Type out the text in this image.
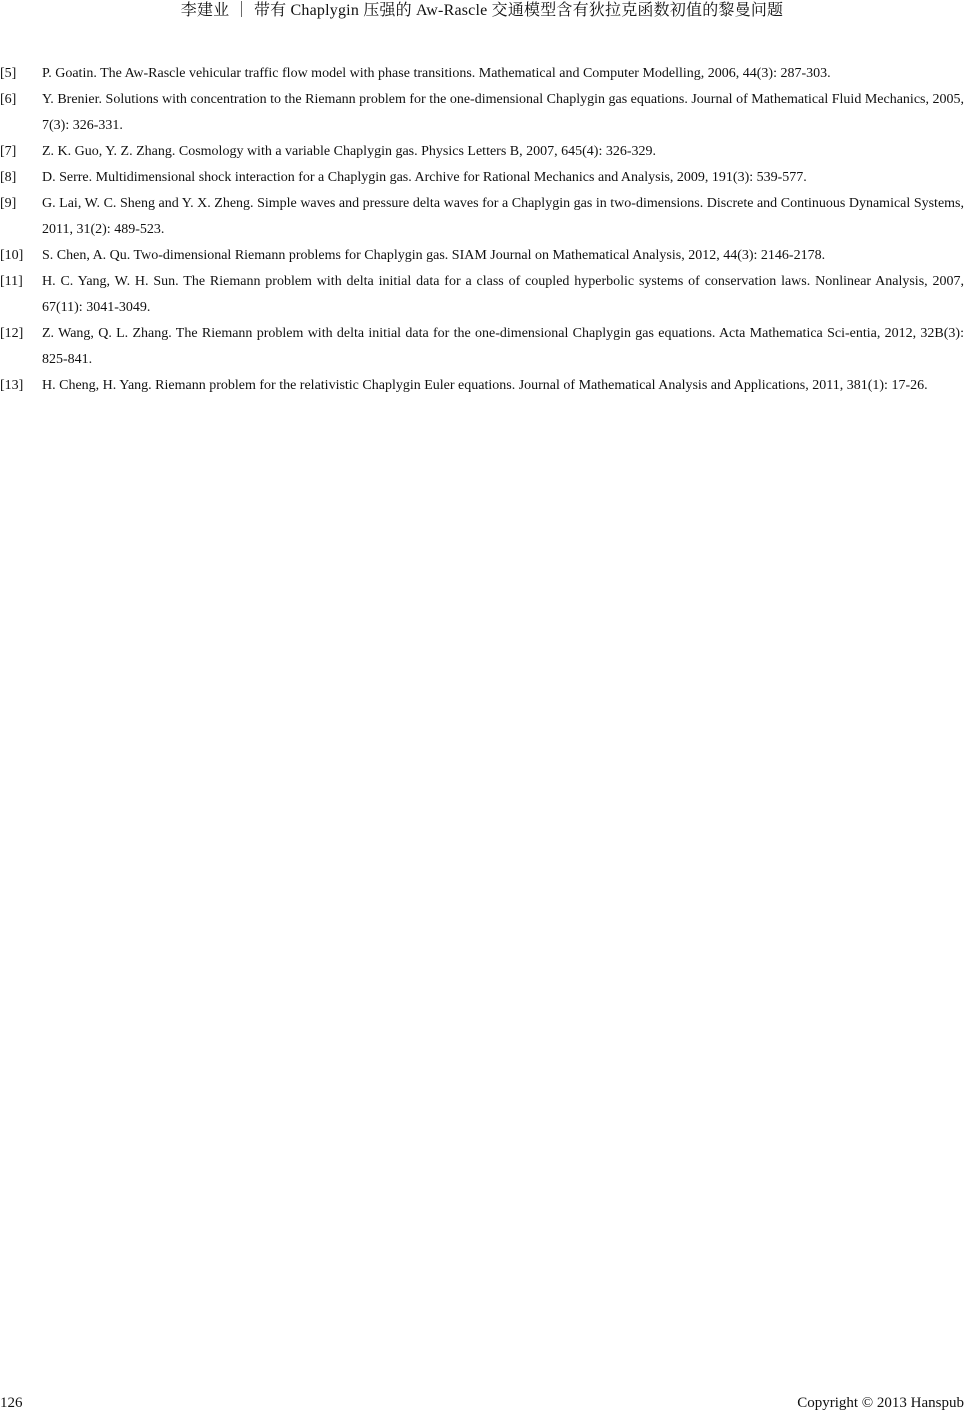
李建业 ｜ 带有 Chaplygin 压强的 Aw-Rascle 交通模型含有狄拉克函数初值的黎曼问题
[5]	P. Goatin. The Aw-Rascle vehicular traffic flow model with phase transitions. Mathematical and Computer Modelling, 2006, 44(3): 287-303.
[6]	Y. Brenier. Solutions with concentration to the Riemann problem for the one-dimensional Chaplygin gas equations. Journal of Mathematical Fluid Mechanics, 2005, 7(3): 326-331.
[7]	Z. K. Guo, Y. Z. Zhang. Cosmology with a variable Chaplygin gas. Physics Letters B, 2007, 645(4): 326-329.
[8]	D. Serre. Multidimensional shock interaction for a Chaplygin gas. Archive for Rational Mechanics and Analysis, 2009, 191(3): 539-577.
[9]	G. Lai, W. C. Sheng and Y. X. Zheng. Simple waves and pressure delta waves for a Chaplygin gas in two-dimensions. Discrete and Continuous Dynamical Systems, 2011, 31(2): 489-523.
[10]	S. Chen, A. Qu. Two-dimensional Riemann problems for Chaplygin gas. SIAM Journal on Mathematical Analysis, 2012, 44(3): 2146-2178.
[11]	H. C. Yang, W. H. Sun. The Riemann problem with delta initial data for a class of coupled hyperbolic systems of conservation laws. Nonlinear Analysis, 2007, 67(11): 3041-3049.
[12]	Z. Wang, Q. L. Zhang. The Riemann problem with delta initial data for the one-dimensional Chaplygin gas equations. Acta Mathematica Sci-entia, 2012, 32B(3): 825-841.
[13]	H. Cheng, H. Yang. Riemann problem for the relativistic Chaplygin Euler equations. Journal of Mathematical Analysis and Applications, 2011, 381(1): 17-26.
126	Copyright © 2013 Hanspub
